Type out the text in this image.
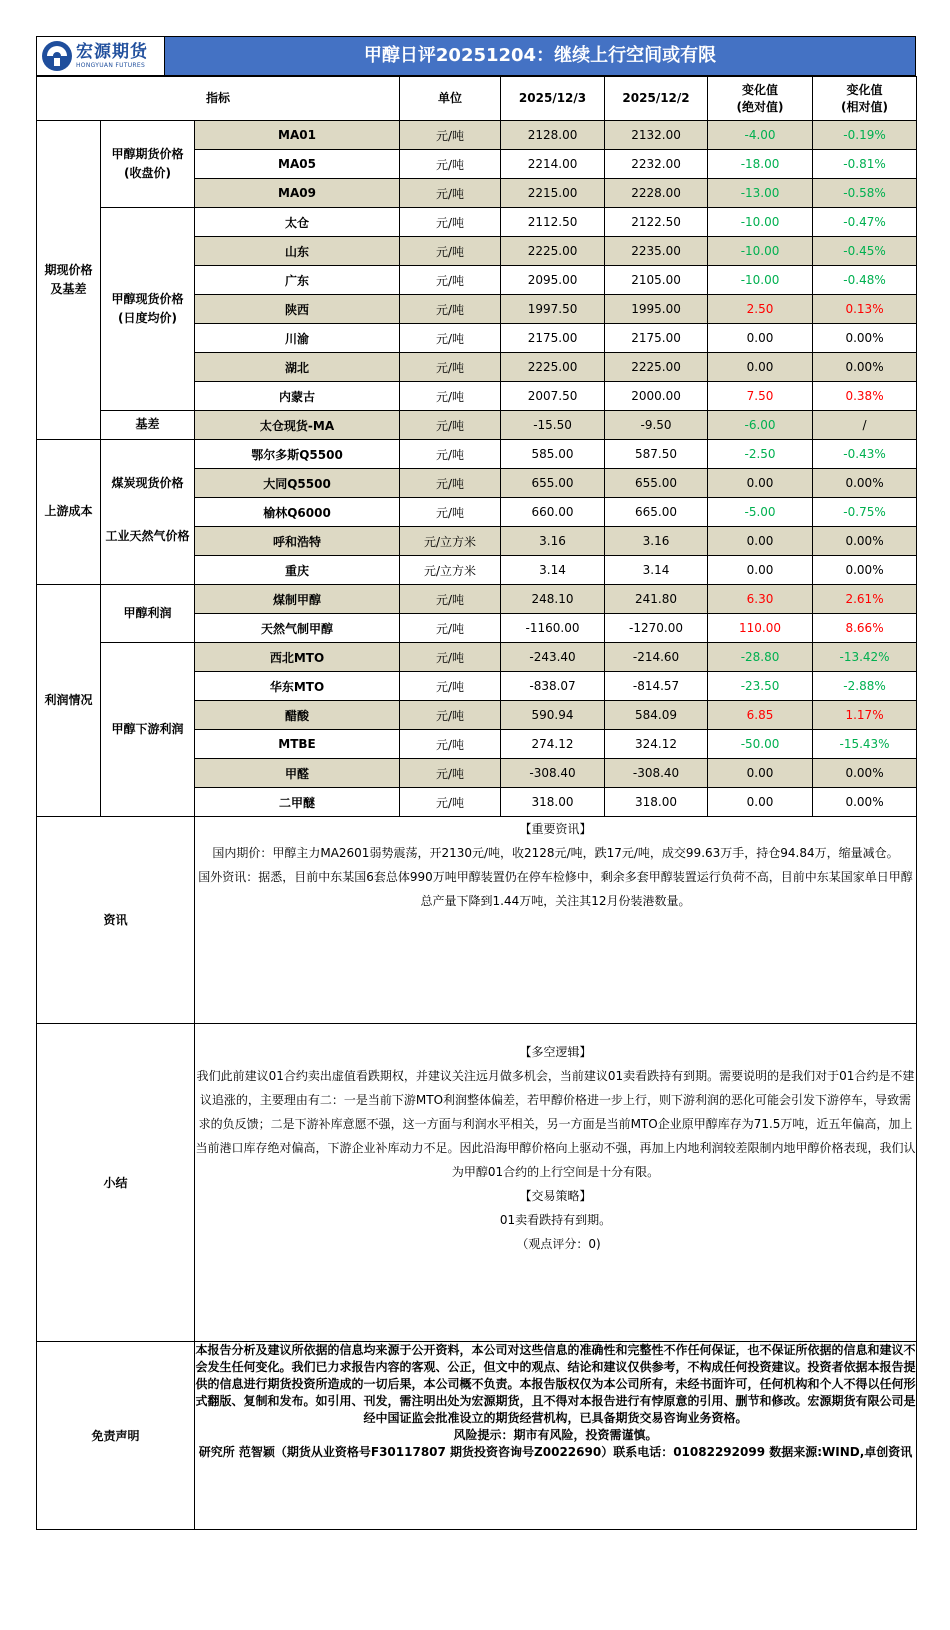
宏源期货
HONGYUAN FUTURES	甲醇日评20251204：继续上行空间或有限
指标			单位	2025/12/3	2025/12/2	变化值
(绝对值)	变化值
(相对值)
期现价格
及基差	甲醇期货价格
(收盘价)	MA01	元/吨	2128.00	2132.00	-4.00	-0.19%
		MA05	元/吨	2214.00	2232.00	-18.00	-0.81%
		MA09	元/吨	2215.00	2228.00	-13.00	-0.58%
	甲醇现货价格
(日度均价)	太仓	元/吨	2112.50	2122.50	-10.00	-0.47%
		山东	元/吨	2225.00	2235.00	-10.00	-0.45%
		广东	元/吨	2095.00	2105.00	-10.00	-0.48%
		陕西	元/吨	1997.50	1995.00	2.50	0.13%
		川渝	元/吨	2175.00	2175.00	0.00	0.00%
		湖北	元/吨	2225.00	2225.00	0.00	0.00%
		内蒙古	元/吨	2007.50	2000.00	7.50	0.38%
	基差	太仓现货-MA	元/吨	-15.50	-9.50	-6.00	/
上游成本	煤炭现货价格	鄂尔多斯Q5500	元/吨	585.00	587.50	-2.50	-0.43%
		大同Q5500	元/吨	655.00	655.00	0.00	0.00%
		榆林Q6000	元/吨	660.00	665.00	-5.00	-0.75%
	工业天然气价格	呼和浩特	元/立方米	3.16	3.16	0.00	0.00%
		重庆	元/立方米	3.14	3.14	0.00	0.00%
利润情况	甲醇利润	煤制甲醇	元/吨	248.10	241.80	6.30	2.61%
		天然气制甲醇	元/吨	-1160.00	-1270.00	110.00	8.66%
	甲醇下游利润	西北MTO	元/吨	-243.40	-214.60	-28.80	-13.42%
		华东MTO	元/吨	-838.07	-814.57	-23.50	-2.88%
		醋酸	元/吨	590.94	584.09	6.85	1.17%
		MTBE	元/吨	274.12	324.12	-50.00	-15.43%
		甲醛	元/吨	-308.40	-308.40	0.00	0.00%
		二甲醚	元/吨	318.00	318.00	0.00	0.00%
资讯	【重要资讯】

国内期价：甲醇主力MA2601弱势震荡，开2130元/吨，收2128元/吨，跌17元/吨，成交99.63万手，持仓94.84万，缩量减仓。

国外资讯：据悉，目前中东某国6套总体990万吨甲醇装置仍在停车检修中，剩余多套甲醇装置运行负荷不高，目前中东某国家单日甲醇总产量下降到1.44万吨，关注其12月份装港数量。

小结	【多空逻辑】

我们此前建议01合约卖出虚值看跌期权，并建议关注远月做多机会，当前建议01卖看跌持有到期。需要说明的是我们对于01合约是不建议追涨的，主要理由有二：一是当前下游MTO利润整体偏差，若甲醇价格进一步上行，则下游利润的恶化可能会引发下游停车，导致需求的负反馈；二是下游补库意愿不强，这一方面与利润水平相关，另一方面是当前MTO企业原甲醇库存为71.5万吨，近五年偏高，加上当前港口库存绝对偏高，下游企业补库动力不足。因此沿海甲醇价格向上驱动不强，再加上内地利润较差限制内地甲醇价格表现，我们认为甲醇01合约的上行空间是十分有限。

【交易策略】

01卖看跌持有到期。

（观点评分：0)

免责声明	本报告分析及建议所依据的信息均来源于公开资料，本公司对这些信息的准确性和完整性不作任何保证，也不保证所依据的信息和建议不会发生任何变化。我们已力求报告内容的客观、公正，但文中的观点、结论和建议仅供参考，不构成任何投资建议。投资者依据本报告提供的信息进行期货投资所造成的一切后果，本公司概不负责。本报告版权仅为本公司所有，未经书面许可，任何机构和个人不得以任何形式翻版、复制和发布。如引用、刊发，需注明出处为宏源期货，且不得对本报告进行有悖原意的引用、删节和修改。宏源期货有限公司是经中国证监会批准设立的期货经营机构，已具备期货交易咨询业务资格。

风险提示：期市有风险，投资需谨慎。

研究所 范智颖（期货从业资格号F30117807 期货投资咨询号Z0022690）联系电话：01082292099 数据来源:WIND,卓创资讯
